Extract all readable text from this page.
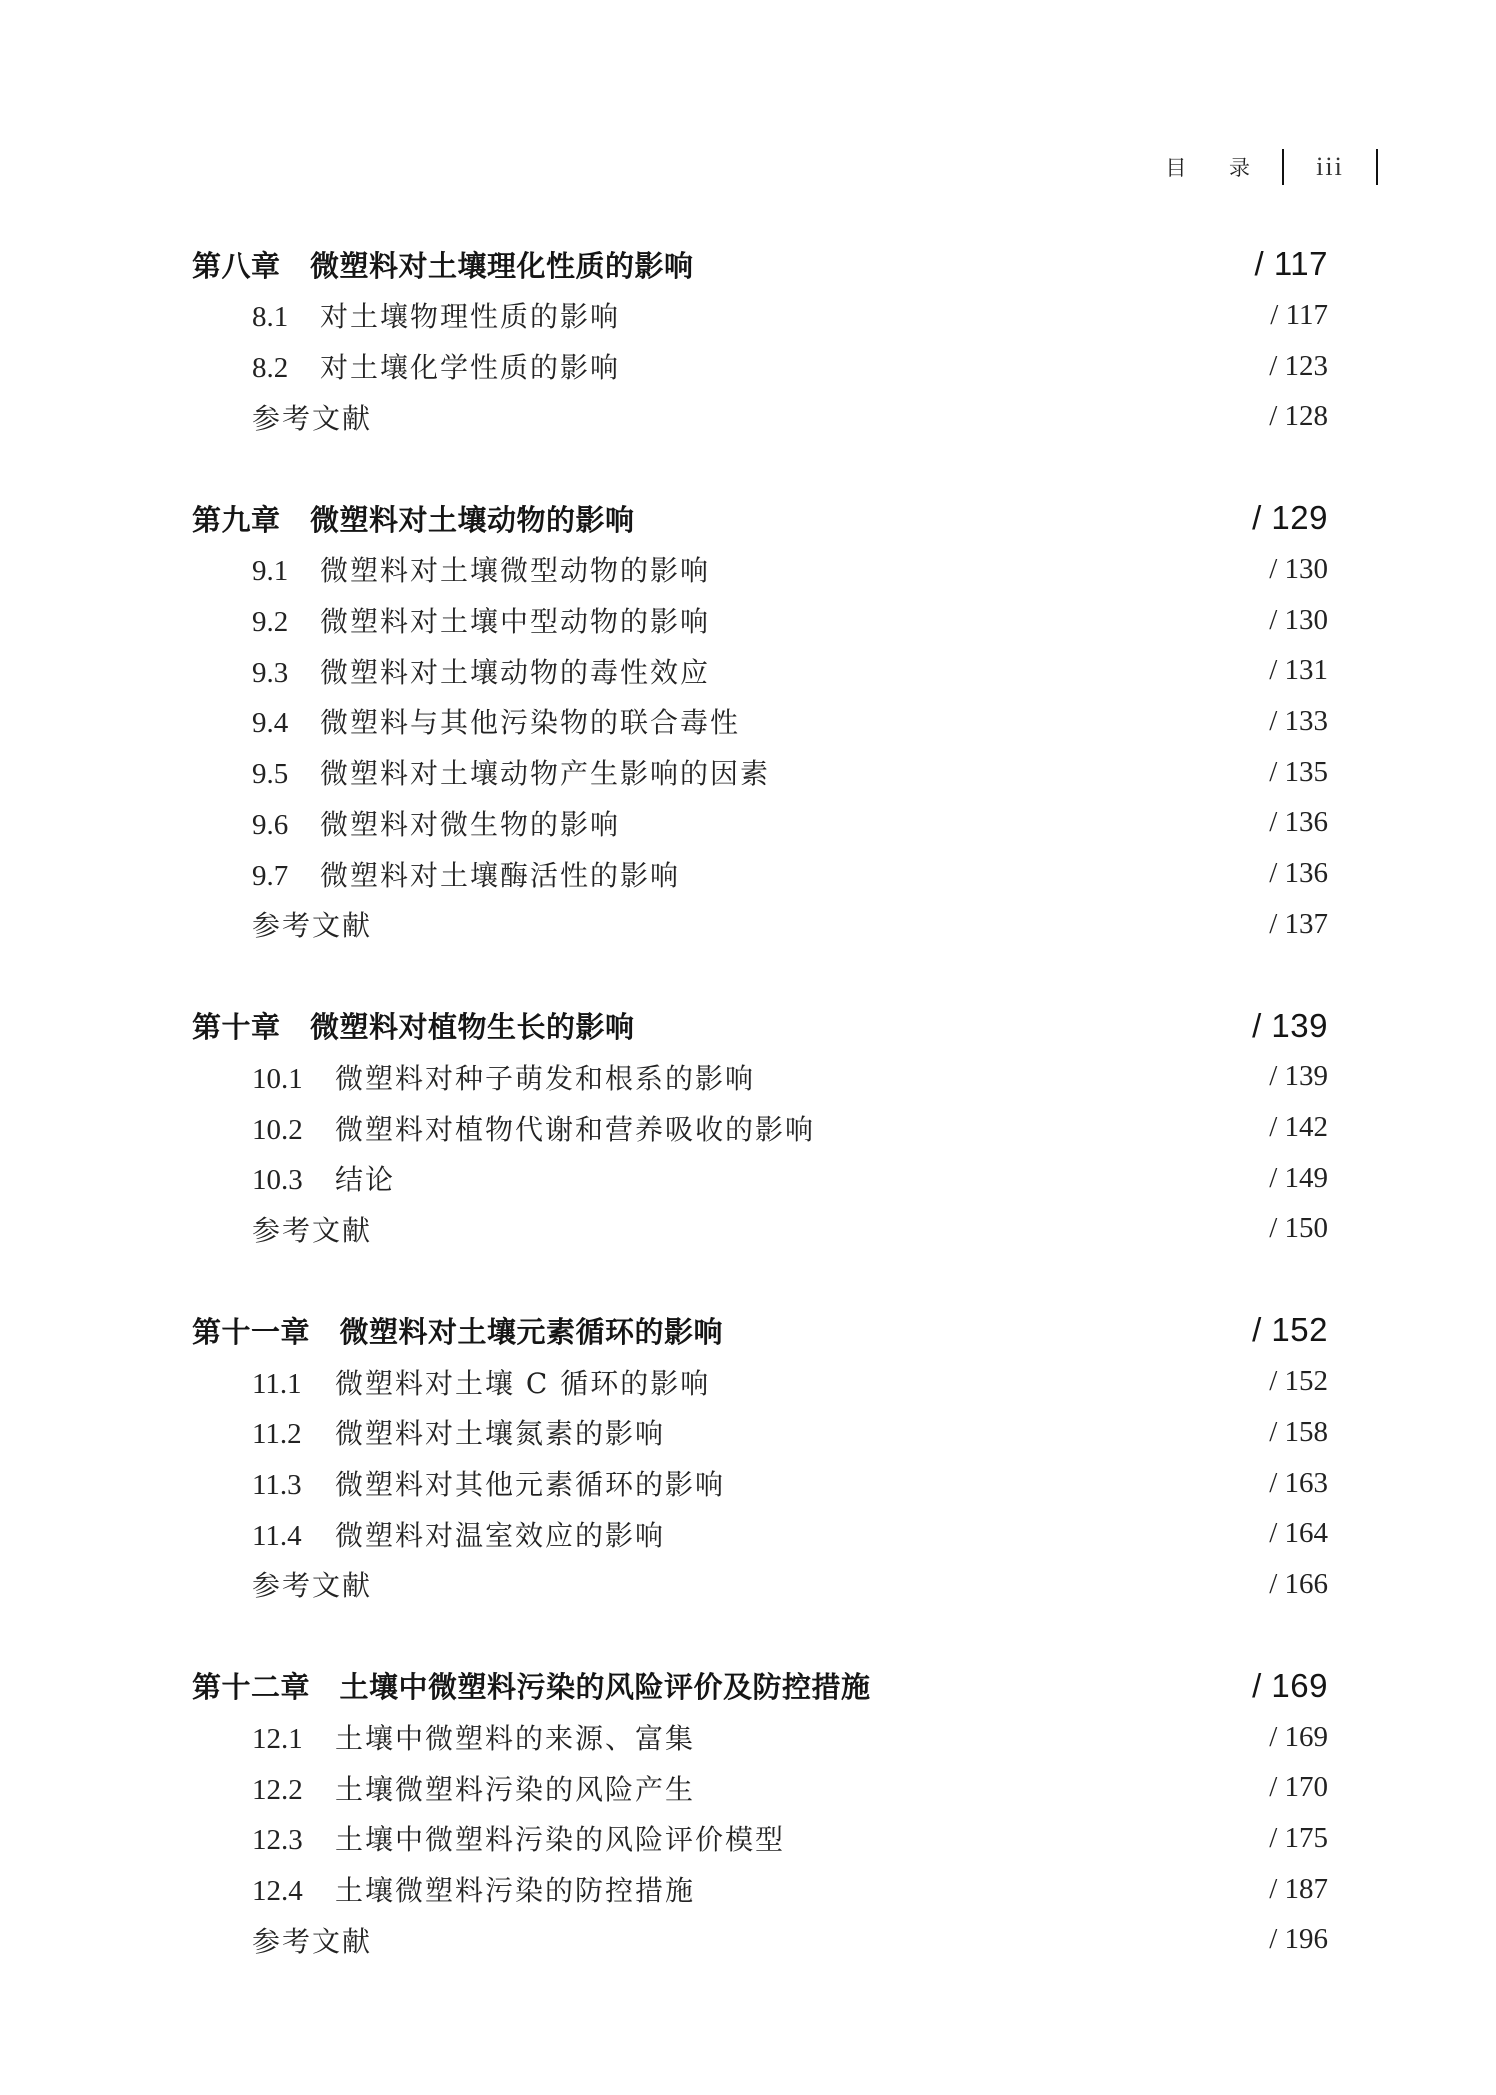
目 录	iii
第八章　微塑料对土壤理化性质的影响	/ 117
8.1	对土壤物理性质的影响	/ 117
8.2	对土壤化学性质的影响	/ 123
参考文献	/ 128
第九章　微塑料对土壤动物的影响	/ 129
9.1	微塑料对土壤微型动物的影响	/ 130
9.2	微塑料对土壤中型动物的影响	/ 130
9.3	微塑料对土壤动物的毒性效应	/ 131
9.4	微塑料与其他污染物的联合毒性	/ 133
9.5	微塑料对土壤动物产生影响的因素	/ 135
9.6	微塑料对微生物的影响	/ 136
9.7	微塑料对土壤酶活性的影响	/ 136
参考文献	/ 137
第十章　微塑料对植物生长的影响	/ 139
10.1	微塑料对种子萌发和根系的影响	/ 139
10.2	微塑料对植物代谢和营养吸收的影响	/ 142
10.3	结论	/ 149
参考文献	/ 150
第十一章　微塑料对土壤元素循环的影响	/ 152
11.1	微塑料对土壤 C 循环的影响	/ 152
11.2	微塑料对土壤氮素的影响	/ 158
11.3	微塑料对其他元素循环的影响	/ 163
11.4	微塑料对温室效应的影响	/ 164
参考文献	/ 166
第十二章　土壤中微塑料污染的风险评价及防控措施	/ 169
12.1	土壤中微塑料的来源、富集	/ 169
12.2	土壤微塑料污染的风险产生	/ 170
12.3	土壤中微塑料污染的风险评价模型	/ 175
12.4	土壤微塑料污染的防控措施	/ 187
参考文献	/ 196
